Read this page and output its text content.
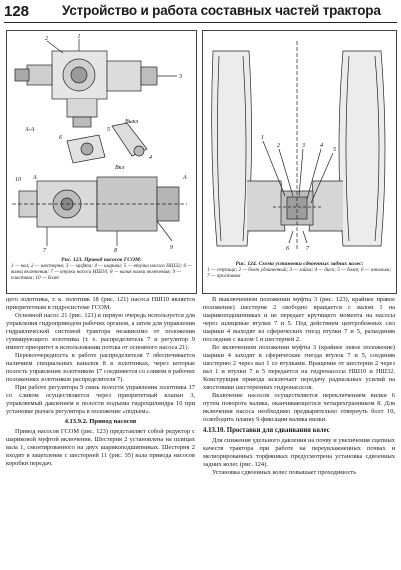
128 Устройство и работа составных частей трактора
1
2
3
4
5
6
7	8	9
10
Вкл
Выкл
А-А
А	А
Рис. 123. Привод насосов ГСОМ:
1 — вал; 2 — шестерня; 3 — муфта; 4 — шарики; 5 — втулка насоса НШ32; 6 — вилка включения; 7 — втулка насоса НШ10; 8 — валик вилки включения; 9 — пластина; 10 — болт
1
2	3	4
5
6	7
Рис. 124. Схема установки сдвоенных задних колес:
1 — ступица; 2 — болт удлиненный; 3 — гайка; 4 — диск; 5 — болт; 6 — шпилька; 7 — проставка

цего золотника, т. к. золотник 18 (рис. 121) насоса НШ10 является приоритетным в гидросистеме ГСОМ.

Основной насос 21 (рис. 121) в первую очередь используется для управления гидроприводом рабочих органов, а затем для управления гидравлической системой трактора независимо от положения суммирующего золотника (т. е. распределитель 7 и регулятор 9 имеют приоритет в использовании потока от основного насоса 21).

Перевоочередность в работе распределителя 7 обеспечивается наличием специальных каналов 8 в золотниках, через которые полость управления золотником 17 соединяется со сливом в рабочих положениях золотников распределителя 7).

При работе регулятора 9 связь полости управления золотника 17 со сливом осуществляется через приоритетный клапан 3, управляемый давлением в полости подъема гидроцилиндра 10 при установке рычага регулятора в положение «подъем».

4.13.9.2. Привод насосов

Привод насосов ГСОМ (рис. 123) представляет собой редуктор с шариковой муфтой включения. Шестерня 2 установлена на шлицах вала 1, смонтированного на двух шарикоподшипниках. Шестерня 2 входит в зацепление с шестерней 11 (рис. 35) вала привода насосов коробки передач.

В выключенном положении муфты 3 (рис. 123), крайнее правое положение) шестерня 2 свободно вращается с валом 1 на шарикоподшипниках и не передает крутящего момента на насосы через шлицевые втулки 7 и 5. Под действием центробежных сил шарики 4 выходят из сферических гнезд втулки 7 и 5, разъединяя последние с валом 1 и шестерней 2.

Во включенном положении муфты 3 (крайнее левое положение) шарики 4 заходят в сферические гнезда втулок 7 и 5, соединяя шестерню 2 через вал 1 со втулками. Вращение от шестерни 2 через вал 1 и втулки 7 и 5 передается на гидронасосы НШ10 и НШ32. Конструкция привода исключает передачу радиальных усилий на хвостовики шестеренных гидронасосов.

Включение насосов осуществляется переключением вилки 6 путем поворота валика, оканчивающегося четырехгранником 8. Для включения насоса необходимо предварительно отвернуть болт 10, освободить планку 9 фиксации валика вилки.

4.13.10. Проставки для сдваивания колес

Для снижения удельного давления на почву и увеличения сцепных качеств трактора при работе на переувлажненных почвах и мелиорированных торфяниках предусмотрена установка сдвоенных задних колес (рис. 124).

Установка сдвоенных колес повышает проходимость
